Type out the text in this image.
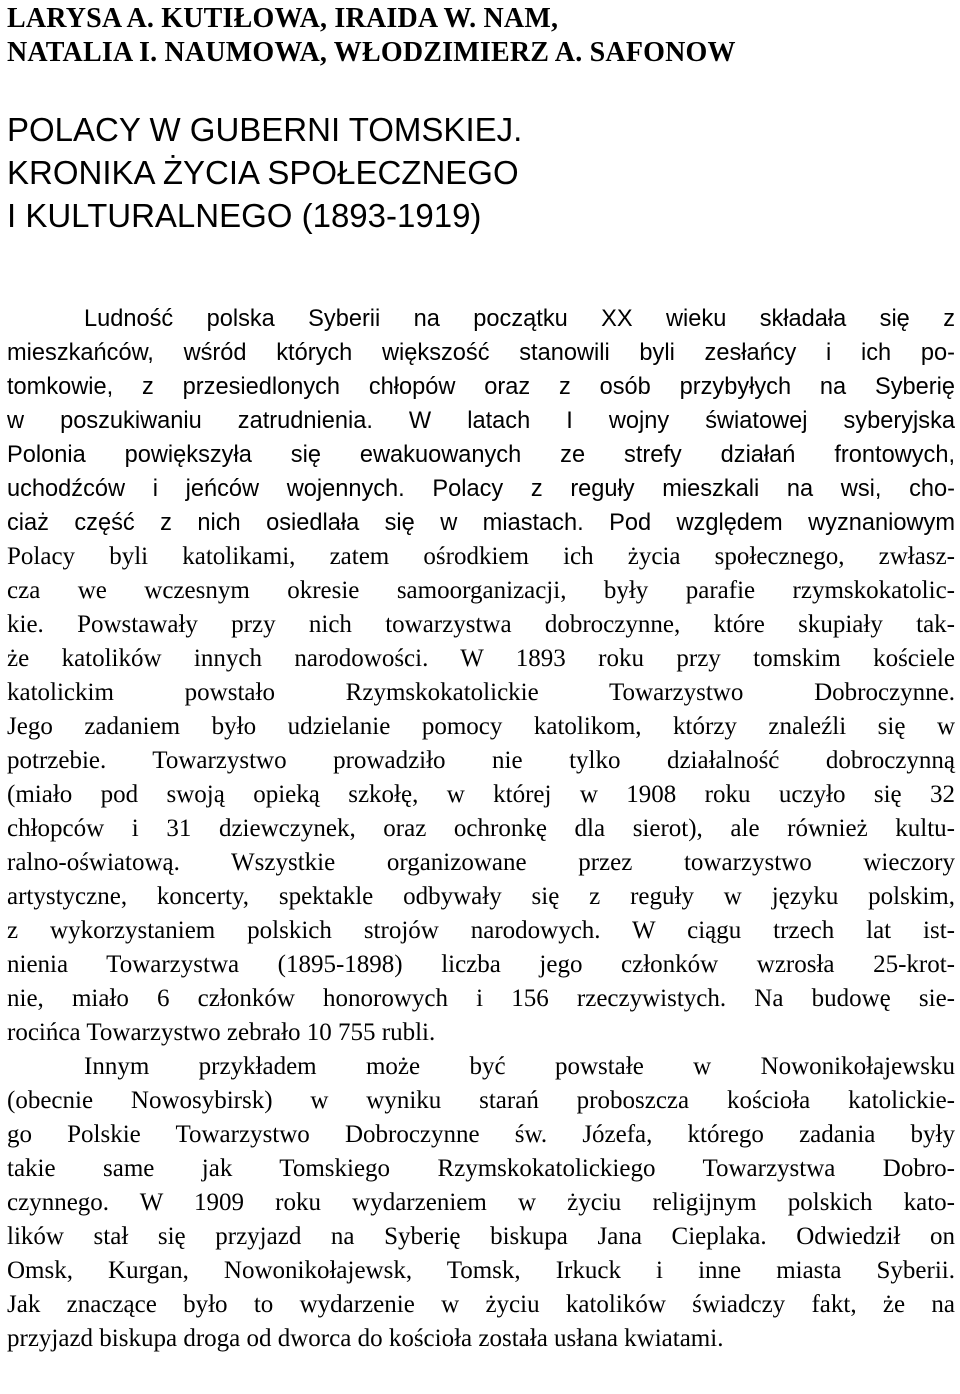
LARYSA A. KUTIŁOWA, IRAIDA W. NAM,
NATALIA I. NAUMOWA, WŁODZIMIERZ A. SAFONOW
POLACY W GUBERNI TOMSKIEJ.
KRONIKA ŻYCIA SPOŁECZNEGO
I KULTURALNEGO (1893-1919)

Ludność polska Syberii na początku XX wieku składała się z
mieszkańców, wśród których większość stanowili byli zesłańcy i ich po-
tomkowie, z przesiedlonych chłopów oraz z osób przybyłych na Syberię
w poszukiwaniu zatrudnienia. W latach I wojny światowej syberyjska
Polonia powiększyła się ewakuowanych ze strefy działań frontowych,
uchodźców i jeńców wojennych. Polacy z reguły mieszkali na wsi, cho-
ciaż część z nich osiedlała się w miastach. Pod względem wyznaniowym
Polacy byli katolikami, zatem ośrodkiem ich życia społecznego, zwłasz-
cza we wczesnym okresie samoorganizacji, były parafie rzymskokatolic-
kie. Powstawały przy nich towarzystwa dobroczynne, które skupiały tak-
że katolików innych narodowości. W 1893 roku przy tomskim kościele
katolickim powstało Rzymskokatolickie Towarzystwo Dobroczynne.
Jego zadaniem było udzielanie pomocy katolikom, którzy znaleźli się w
potrzebie. Towarzystwo prowadziło nie tylko działalność dobroczynną
(miało pod swoją opieką szkołę, w której w 1908 roku uczyło się 32
chłopców i 31 dziewczynek, oraz ochronkę dla sierot), ale również kultu-
ralno-oświatową. Wszystkie organizowane przez towarzystwo wieczory
artystyczne, koncerty, spektakle odbywały się z reguły w języku polskim,
z wykorzystaniem polskich strojów narodowych. W ciągu trzech lat ist-
nienia Towarzystwa (1895-1898) liczba jego członków wzrosła 25-krot-
nie, miało 6 członków honorowych i 156 rzeczywistych. Na budowę sie-
rocińca Towarzystwo zebrało 10 755 rubli.

Innym przykładem może być powstałe w Nowonikołajewsku
(obecnie Nowosybirsk) w wyniku starań proboszcza kościoła katolickie-
go Polskie Towarzystwo Dobroczynne św. Józefa, którego zadania były
takie same jak Tomskiego Rzymskokatolickiego Towarzystwa Dobro-
czynnego. W 1909 roku wydarzeniem w życiu religijnym polskich kato-
lików stał się przyjazd na Syberię biskupa Jana Cieplaka. Odwiedził on
Omsk, Kurgan, Nowonikołajewsk, Tomsk, Irkuck i inne miasta Syberii.
Jak znaczące było to wydarzenie w życiu katolików świadczy fakt, że na
przyjazd biskupa droga od dworca do kościoła została usłana kwiatami.
